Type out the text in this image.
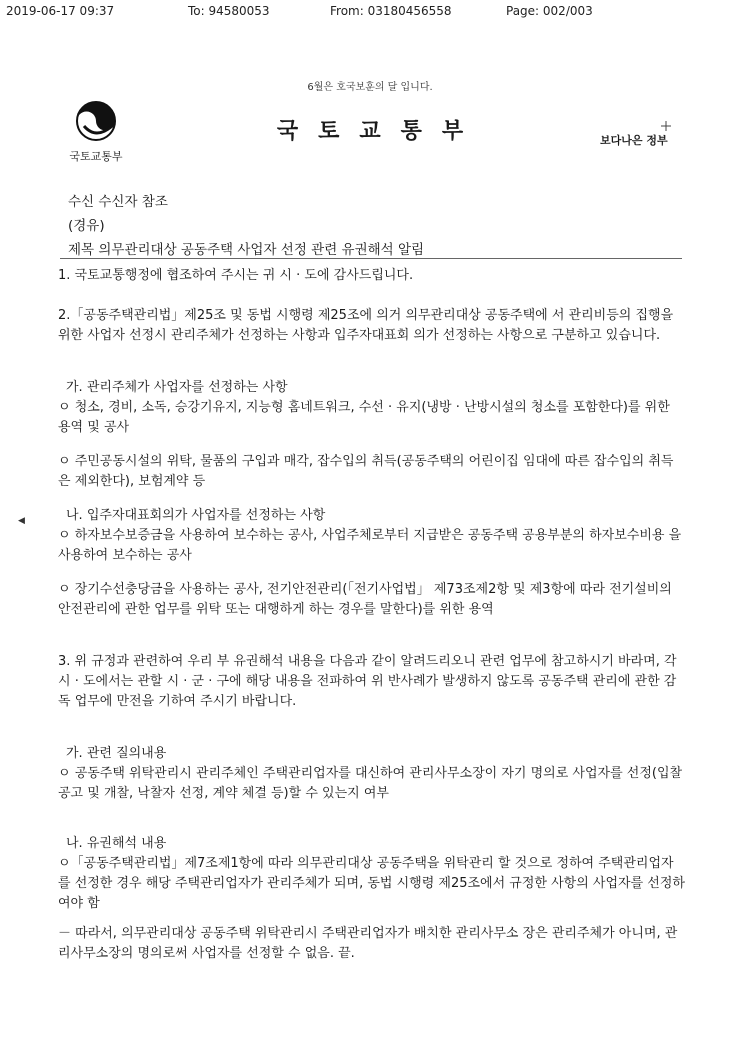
2019-06-17 09:37	To: 94580053	From: 03180456558	Page: 002/003
6월은 호국보훈의 달 입니다.
국토교통부
국토교통부	보다나은 정부
수신 수신자 참조
(경유)
제목 의무관리대상 공동주택 사업자 선정 관련 유권해석 알림
◀

1. 국토교통행정에 협조하여 주시는 귀 시 · 도에 감사드립니다.

2.「공동주택관리법」제25조 및 동법 시행령 제25조에 의거 의무관리대상 공동주택에 서 관리비등의 집행을 위한 사업자 선정시 관리주체가 선정하는 사항과 입주자대표회 의가 선정하는 사항으로 구분하고 있습니다.

가. 관리주체가 사업자를 선정하는 사항

ㅇ 청소, 경비, 소독, 승강기유지, 지능형 홈네트워크, 수선 · 유지(냉방 · 난방시설의 청소를 포함한다)를 위한 용역 및 공사

ㅇ 주민공동시설의 위탁, 물품의 구입과 매각, 잡수입의 취득(공동주택의 어린이집 임대에 따른 잡수입의 취득은 제외한다), 보험계약 등

나. 입주자대표회의가 사업자를 선정하는 사항

ㅇ 하자보수보증금을 사용하여 보수하는 공사, 사업주체로부터 지급받은 공동주택 공용부분의 하자보수비용 을 사용하여 보수하는 공사

ㅇ 장기수선충당금을 사용하는 공사, 전기안전관리(「전기사업법」 제73조제2항 및 제3항에 따라 전기설비의 안전관리에 관한 업무를 위탁 또는 대행하게 하는 경우를 말한다)를 위한 용역

3. 위 규정과 관련하여 우리 부 유권해석 내용을 다음과 같이 알려드리오니 관련 업무에 참고하시기 바라며, 각 시 · 도에서는 관할 시 · 군 · 구에 해당 내용을 전파하여 위 반사례가 발생하지 않도록 공동주택 관리에 관한 감독 업무에 만전을 기하여 주시기 바랍니다.

가. 관련 질의내용

ㅇ 공동주택 위탁관리시 관리주체인 주택관리업자를 대신하여 관리사무소장이 자기 명의로 사업자를 선정(입찰 공고 및 개찰, 낙찰자 선정, 계약 체결 등)할 수 있는지 여부

나. 유권해석 내용

ㅇ「공동주택관리법」제7조제1항에 따라 의무관리대상 공동주택을 위탁관리 할 것으로 정하여 주택관리업자를 선정한 경우 해당 주택관리업자가 관리주체가 되며, 동법 시행령 제25조에서 규정한 사항의 사업자를 선정하여야 함

－ 따라서, 의무관리대상 공동주택 위탁관리시 주택관리업자가 배치한 관리사무소 장은 관리주체가 아니며, 관리사무소장의 명의로써 사업자를 선정할 수 없음. 끝.
